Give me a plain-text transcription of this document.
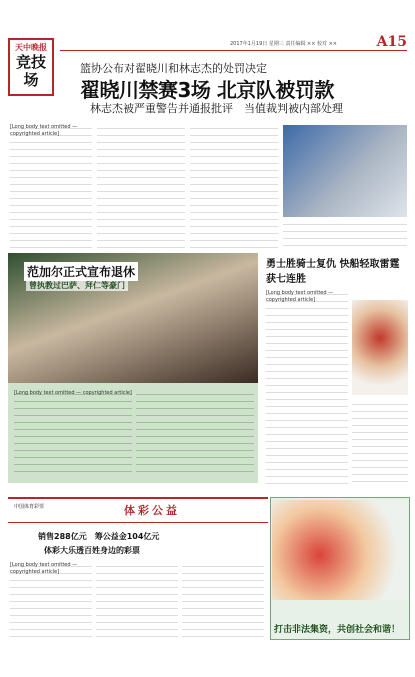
天中晚报
竞技
场
2017年1月19日 星期三 责任编辑 ×× 校对 ××	A15
篮协公布对翟晓川和林志杰的处罚决定
翟晓川禁赛3场 北京队被罚款
林志杰被严重警告并通报批评　当值裁判被内部处理
[Long body text omitted — copyrighted article]
范加尔正式宣布退休
曾执教过巴萨、拜仁等豪门
[Long body text omitted — copyrighted article]
勇士胜骑士复仇 快船轻取雷霆获七连胜
[Long body text omitted — copyrighted article]
中国体育彩票	体彩公益
销售288亿元　筹公益金104亿元
体彩大乐透百姓身边的彩票
[Long body text omitted — copyrighted article]
打击非法集资，共创社会和谐！
